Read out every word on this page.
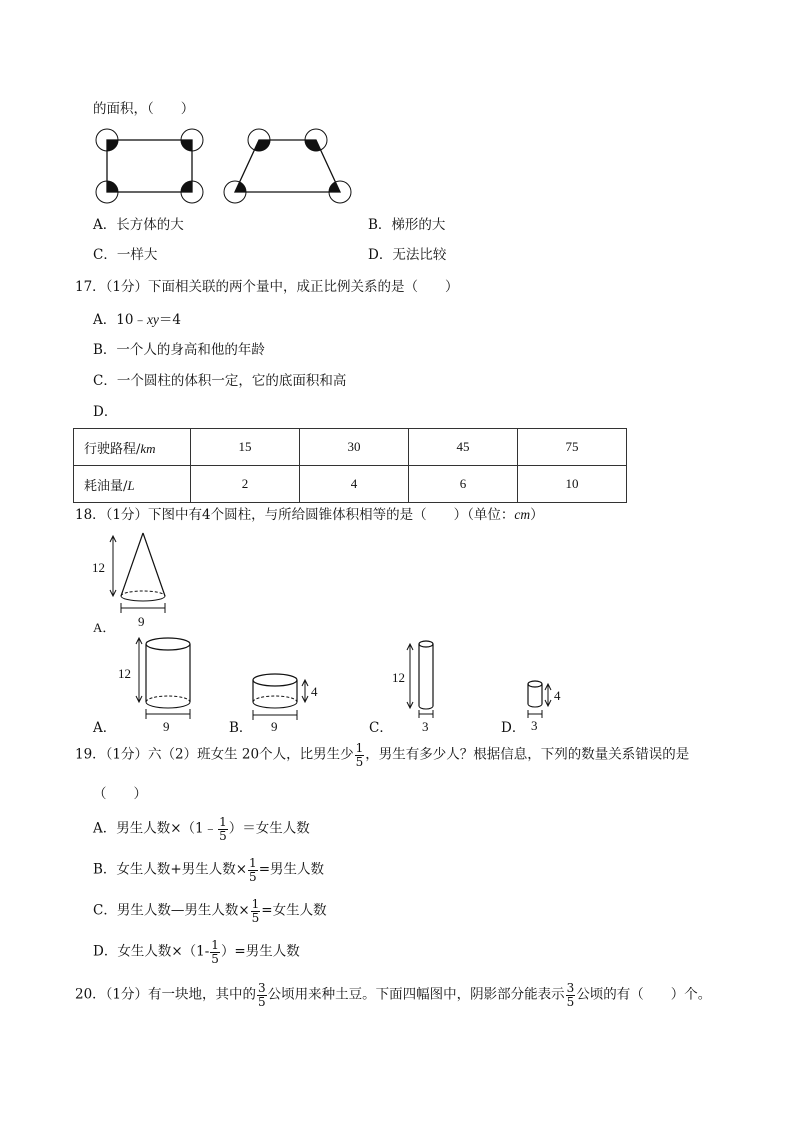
的面积，（　　）
A．长方体的大	B．梯形的大
C．一样大	D．无法比较
17．（1分）下面相关联的两个量中，成正比例关系的是（　　）
A．10﹣xy＝4
B．一个人的身高和他的年龄
C．一个圆柱的体积一定，它的底面积和高
D．
行驶路程/km	15	30	45	75
耗油量/L	2	4	6	10
18．（1分）下图中有4个圆柱，与所给圆锥体积相等的是（　　）（单位：cm）
12
9
A．
12
9
A．
4
9
B．
12
3
C．
4
3
D．
19．（1分）六（2）班女生 20个人，比男生少 $\frac{1}{5}$ ，男生有多少人？根据信息，下列的数量关系错误的是
（　　）
A．男生人数×（1﹣ $\frac{1}{5}$ ）＝女生人数
B．女生人数+男生人数× $\frac{1}{5}$ =男生人数
C．男生人数—男生人数× $\frac{1}{5}$ =女生人数
D．女生人数$\times(1- \frac{1}{5}$ ）=男生人数
20．（1分）有一块地，其中的 $\frac{3}{5}$ 公顷用来种土豆。下面四幅图中，阴影部分能表示 $\frac{3}{5}$ 公顷的有（　　）个。
